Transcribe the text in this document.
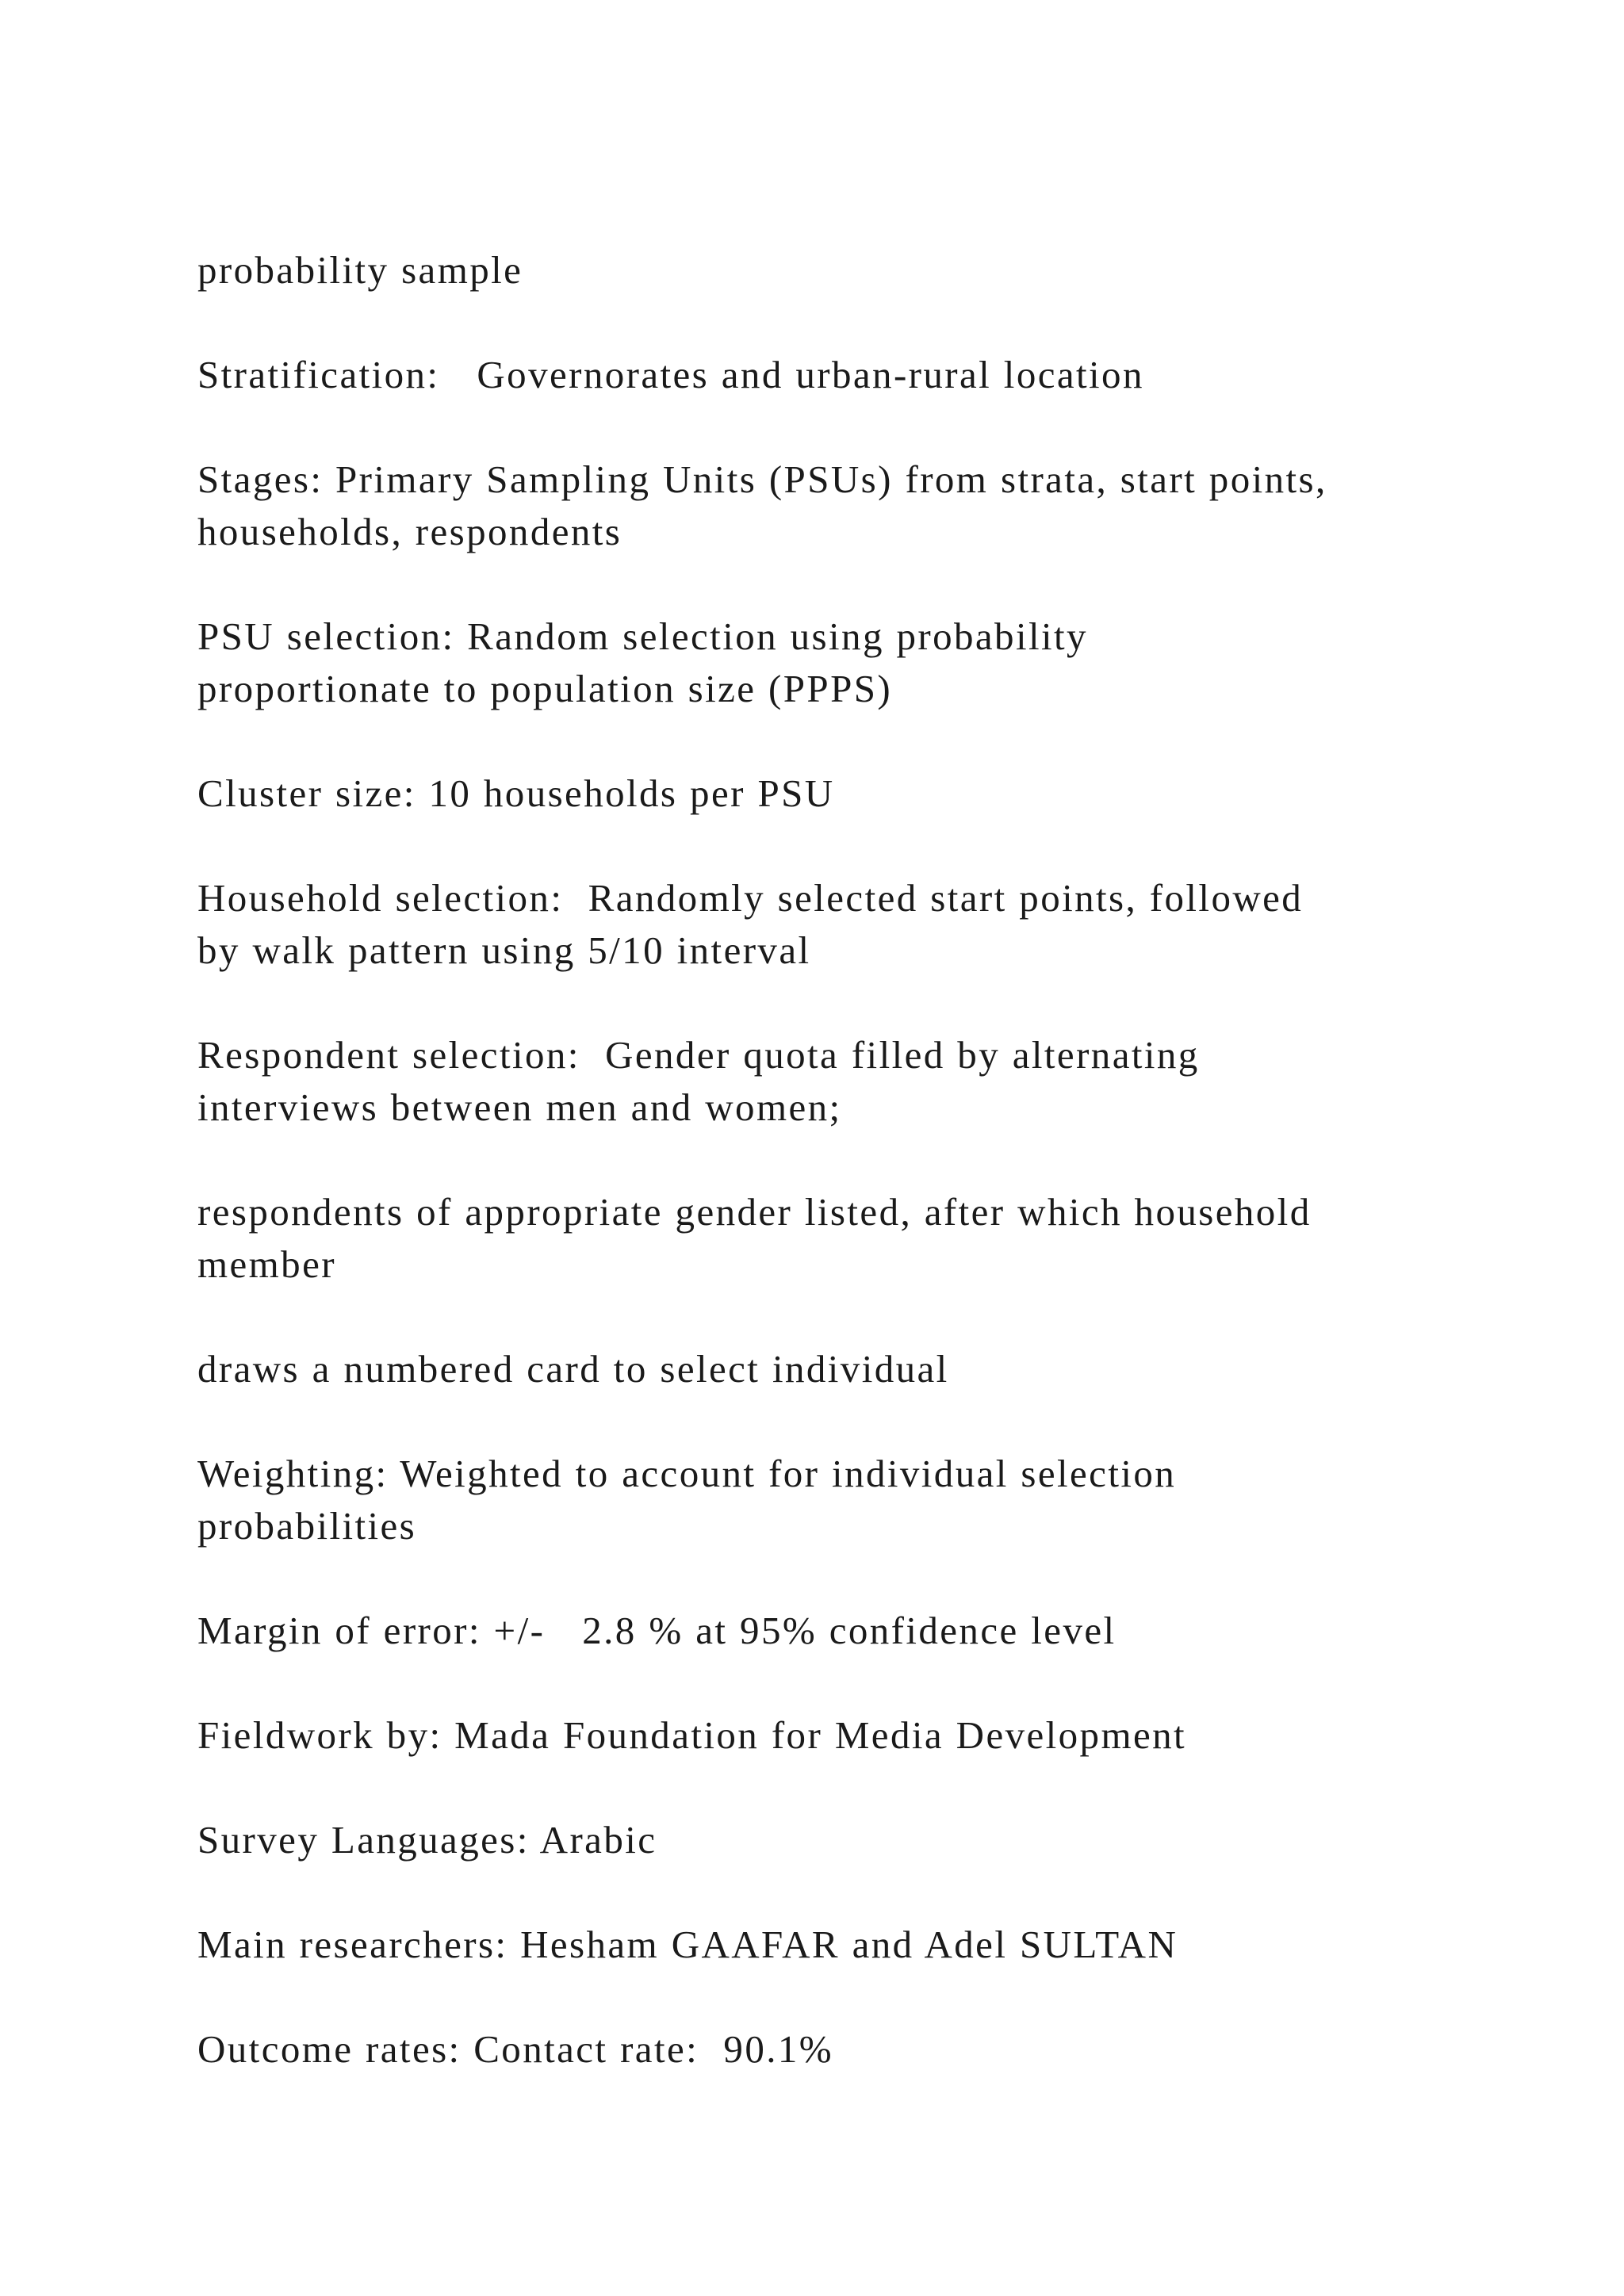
probability sample

Stratification:   Governorates and urban-rural location

Stages: Primary Sampling Units (PSUs) from strata, start points,
households, respondents

PSU selection: Random selection using probability
proportionate to population size (PPPS)

Cluster size: 10 households per PSU

Household selection:  Randomly selected start points, followed
by walk pattern using 5/10 interval

Respondent selection:  Gender quota filled by alternating
interviews between men and women;

respondents of appropriate gender listed, after which household
member

draws a numbered card to select individual

Weighting: Weighted to account for individual selection
probabilities

Margin of error: +/-   2.8 % at 95% confidence level

Fieldwork by: Mada Foundation for Media Development

Survey Languages: Arabic

Main researchers: Hesham GAAFAR and Adel SULTAN

Outcome rates: Contact rate:  90.1%
